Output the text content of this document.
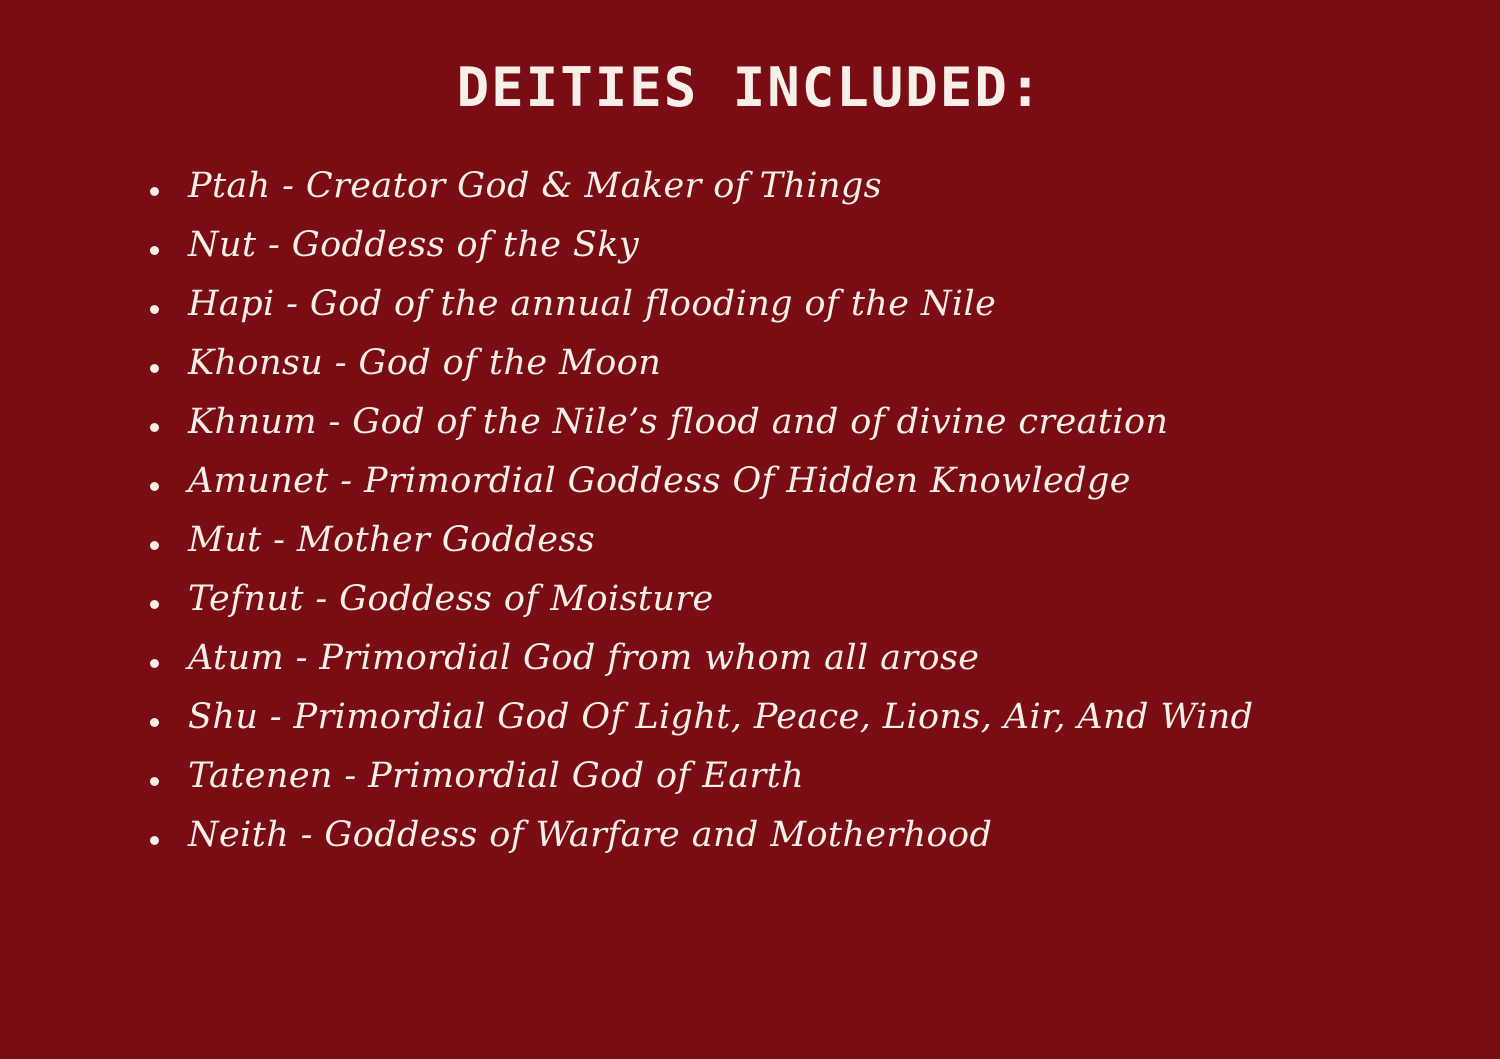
DEITIES INCLUDED:
Ptah - Creator God & Maker of Things
Nut - Goddess of the Sky
Hapi - God of the annual flooding of the Nile
Khonsu - God of the Moon
Khnum - God of the Nile’s flood and of divine creation
Amunet - Primordial Goddess Of Hidden Knowledge
Mut - Mother Goddess
Tefnut - Goddess of Moisture
Atum - Primordial God from whom all arose
Shu - Primordial God Of Light, Peace, Lions, Air, And Wind
Tatenen - Primordial God of Earth
Neith - Goddess of Warfare and Motherhood
